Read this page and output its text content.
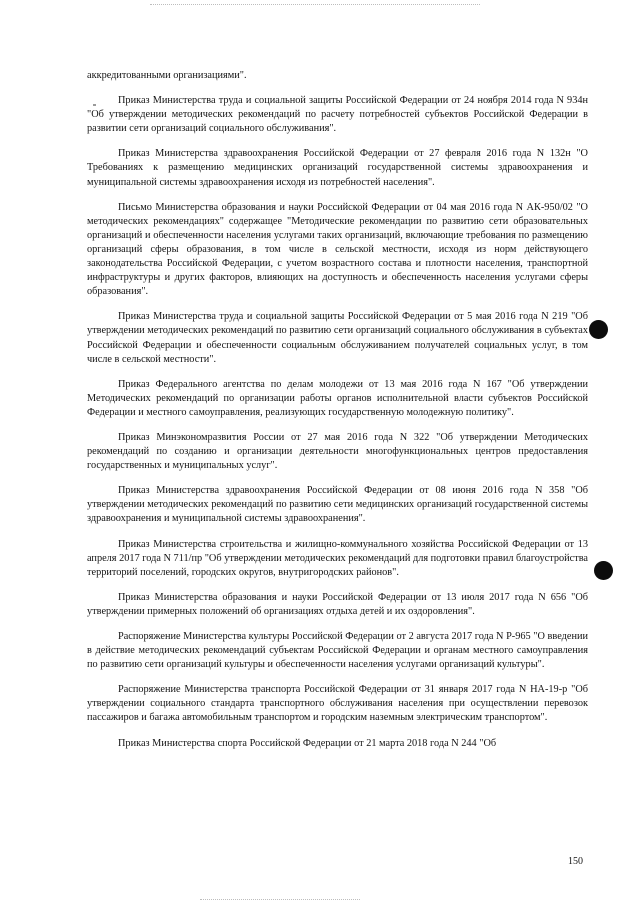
аккредитованными организациями".

Приказ Министерства труда и социальной защиты Российской Федерации от 24 ноября 2014 года N 934н "Об утверждении методических рекомендаций по расчету потребностей субъектов Российской Федерации в развитии сети организаций социального обслуживания".

Приказ Министерства здравоохранения Российской Федерации от 27 февраля 2016 года N 132н "О Требованиях к размещению медицинских организаций государственной системы здравоохранения и муниципальной системы здравоохранения исходя из потребностей населения".

Письмо Министерства образования и науки Российской Федерации от 04 мая 2016 года N АК-950/02 "О методических рекомендациях" содержащее "Методические рекомендации по развитию сети образовательных организаций и обеспеченности населения услугами таких организаций, включающие требования по размещению организаций сферы образования, в том числе в сельской местности, исходя из норм действующего законодательства Российской Федерации, с учетом возрастного состава и плотности населения, транспортной инфраструктуры и других факторов, влияющих на доступность и обеспеченность населения услугами сферы образования".

Приказ Министерства труда и социальной защиты Российской Федерации от 5 мая 2016 года N 219 "Об утверждении методических рекомендаций по развитию сети организаций социального обслуживания в субъектах Российской Федерации и обеспеченности социальным обслуживанием получателей социальных услуг, в том числе в сельской местности".

Приказ Федерального агентства по делам молодежи от 13 мая 2016 года N 167 "Об утверждении Методических рекомендаций по организации работы органов исполнительной власти субъектов Российской Федерации и местного самоуправления, реализующих государственную молодежную политику".

Приказ Минэкономразвития России от 27 мая 2016 года N 322 "Об утверждении Методических рекомендаций по созданию и организации деятельности многофункциональных центров предоставления государственных и муниципальных услуг".

Приказ Министерства здравоохранения Российской Федерации от 08 июня 2016 года N 358 "Об утверждении методических рекомендаций по развитию сети медицинских организаций государственной системы здравоохранения и муниципальной системы здравоохранения".

Приказ Министерства строительства и жилищно-коммунального хозяйства Российской Федерации от 13 апреля 2017 года N 711/пр "Об утверждении методических рекомендаций для подготовки правил благоустройства территорий поселений, городских округов, внутригородских районов".

Приказ Министерства образования и науки Российской Федерации от 13 июля 2017 года N 656 "Об утверждении примерных положений об организациях отдыха детей и их оздоровления".

Распоряжение Министерства культуры Российской Федерации от 2 августа 2017 года N Р-965 "О введении в действие методических рекомендаций субъектам Российской Федерации и органам местного самоуправления по развитию сети организаций культуры и обеспеченности населения услугами организаций культуры".

Распоряжение Министерства транспорта Российской Федерации от 31 января 2017 года N НА-19-р "Об утверждении социального стандарта транспортного обслуживания населения при осуществлении перевозок пассажиров и багажа автомобильным транспортом и городским наземным электрическим транспортом".

Приказ Министерства спорта Российской Федерации от 21 марта 2018 года N 244 "Об

150
